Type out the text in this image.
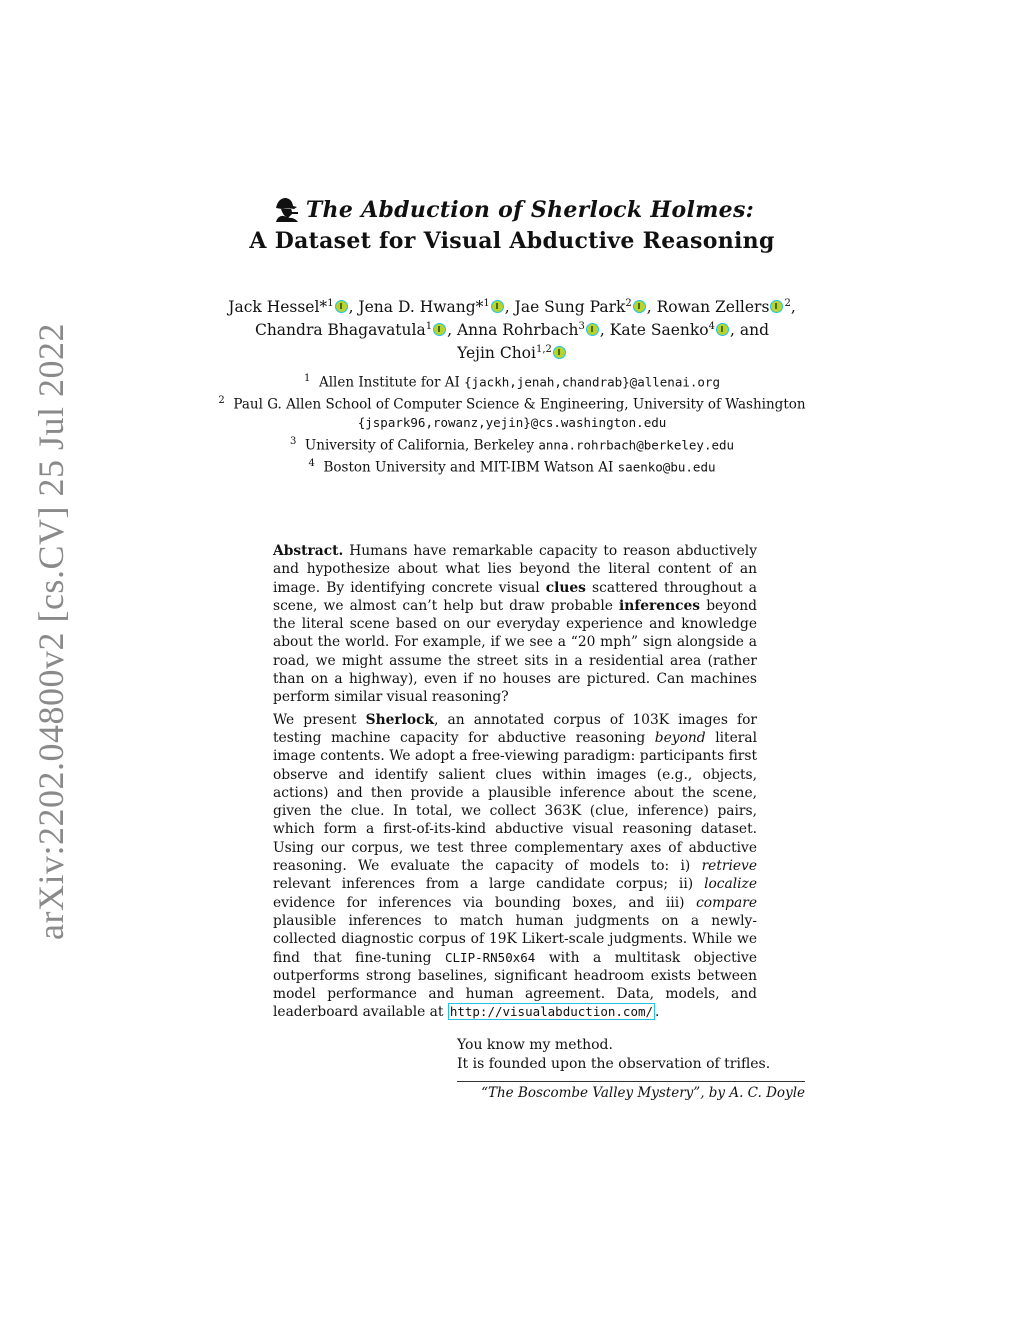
arXiv:2202.04800v2 [cs.CV] 25 Jul 2022
The Abduction of Sherlock Holmes:
A Dataset for Visual Abductive Reasoning
Jack Hessel*$^1$ , Jena D. Hwang*$^1$ , Jae Sung Park$^2$ , Rowan Zellers $^2$,
Chandra Bhagavatula$^1$ , Anna Rohrbach$^3$ , Kate Saenko$^4$ , and
Yejin Choi$^{1,2}$
$^1$ Allen Institute for AI {jackh,jenah,chandrab}@allenai.org
$^2$ Paul G. Allen School of Computer Science & Engineering, University of Washington
{jspark96,rowanz,yejin}@cs.washington.edu
$^3$ University of California, Berkeley anna.rohrbach@berkeley.edu
$^4$ Boston University and MIT-IBM Watson AI saenko@bu.edu

Abstract. Humans have remarkable capacity to reason abductively and hypothesize about what lies beyond the literal content of an image. By identifying concrete visual clues scattered throughout a scene, we almost can’t help but draw probable inferences beyond the literal scene based on our everyday experience and knowledge about the world. For example, if we see a “20 mph” sign alongside a road, we might assume the street sits in a residential area (rather than on a highway), even if no houses are pictured. Can machines perform similar visual reasoning?

We present Sherlock, an annotated corpus of 103K images for testing machine capacity for abductive reasoning beyond literal image contents. We adopt a free-viewing paradigm: participants first observe and identify salient clues within images (e.g., objects, actions) and then provide a plausible inference about the scene, given the clue. In total, we collect 363K (clue, inference) pairs, which form a first-of-its-kind abductive visual reasoning dataset. Using our corpus, we test three complementary axes of abductive reasoning. We evaluate the capacity of models to: i) retrieve relevant inferences from a large candidate corpus; ii) localize evidence for inferences via bounding boxes, and iii) compare plausible inferences to match human judgments on a newly-collected diagnostic corpus of 19K Likert-scale judgments. While we find that fine-tuning CLIP-RN50x64 with a multitask objective outperforms strong baselines, significant headroom exists between model performance and human agreement. Data, models, and leaderboard available at http://visualabduction.com/ .

You know my method.
It is founded upon the observation of trifles.
“The Boscombe Valley Mystery”, by A. C. Doyle
